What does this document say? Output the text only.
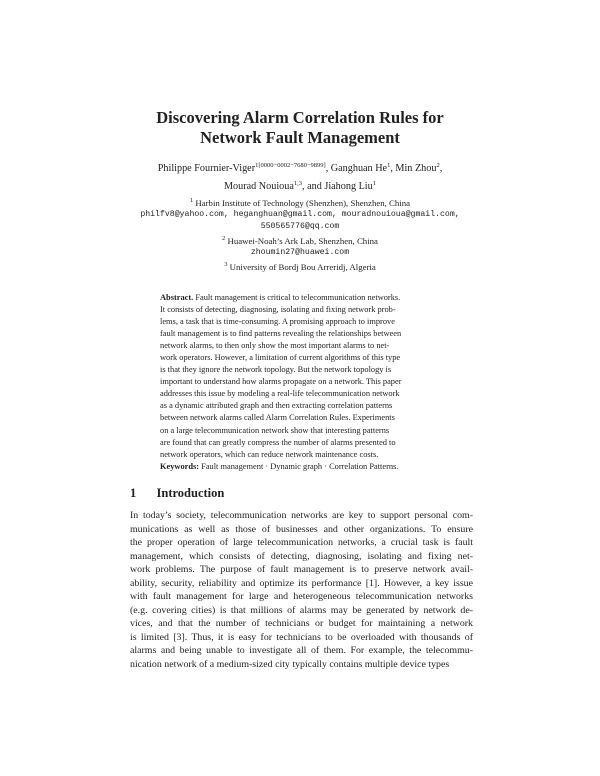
Discovering Alarm Correlation Rules for
Network Fault Management
Philippe Fournier-Viger$^{1[0000-0002-7680-9899]}$, Ganghuan He$^1$, Min Zhou$^2$,
Mourad Nouioua$^{1,3}$, and Jiahong Liu$^1$
$^1$ Harbin Institute of Technology (Shenzhen), Shenzhen, China
philfv8@yahoo.com, heganghuan@gmail.com, mouradnouioua@gmail.com,
550565776@qq.com
$^2$ Huawei-Noah’s Ark Lab, Shenzhen, China
zhoumin27@huawei.com
$^3$ University of Bordj Bou Arreridj, Algeria
Abstract. Fault management is critical to telecommunication networks.
It consists of detecting, diagnosing, isolating and fixing network prob-
lems, a task that is time-consuming. A promising approach to improve
fault management is to find patterns revealing the relationships between
network alarms, to then only show the most important alarms to net-
work operators. However, a limitation of current algorithms of this type
is that they ignore the network topology. But the network topology is
important to understand how alarms propagate on a network. This paper
addresses this issue by modeling a real-life telecommunication network
as a dynamic attributed graph and then extracting correlation patterns
between network alarms called Alarm Correlation Rules. Experiments
on a large telecommunication network show that interesting patterns
are found that can greatly compress the number of alarms presented to
network operators, which can reduce network maintenance costs.
Keywords: Fault management · Dynamic graph · Correlation Patterns.
1 Introduction
In today’s society, telecommunication networks are key to support personal com-
munications as well as those of businesses and other organizations. To ensure
the proper operation of large telecommunication networks, a crucial task is fault
management, which consists of detecting, diagnosing, isolating and fixing net-
work problems. The purpose of fault management is to preserve network avail-
ability, security, reliability and optimize its performance [1]. However, a key issue
with fault management for large and heterogeneous telecommunication networks
(e.g. covering cities) is that millions of alarms may be generated by network de-
vices, and that the number of technicians or budget for maintaining a network
is limited [3]. Thus, it is easy for technicians to be overloaded with thousands of
alarms and being unable to investigate all of them. For example, the telecommu-
nication network of a medium-sized city typically contains multiple device types
